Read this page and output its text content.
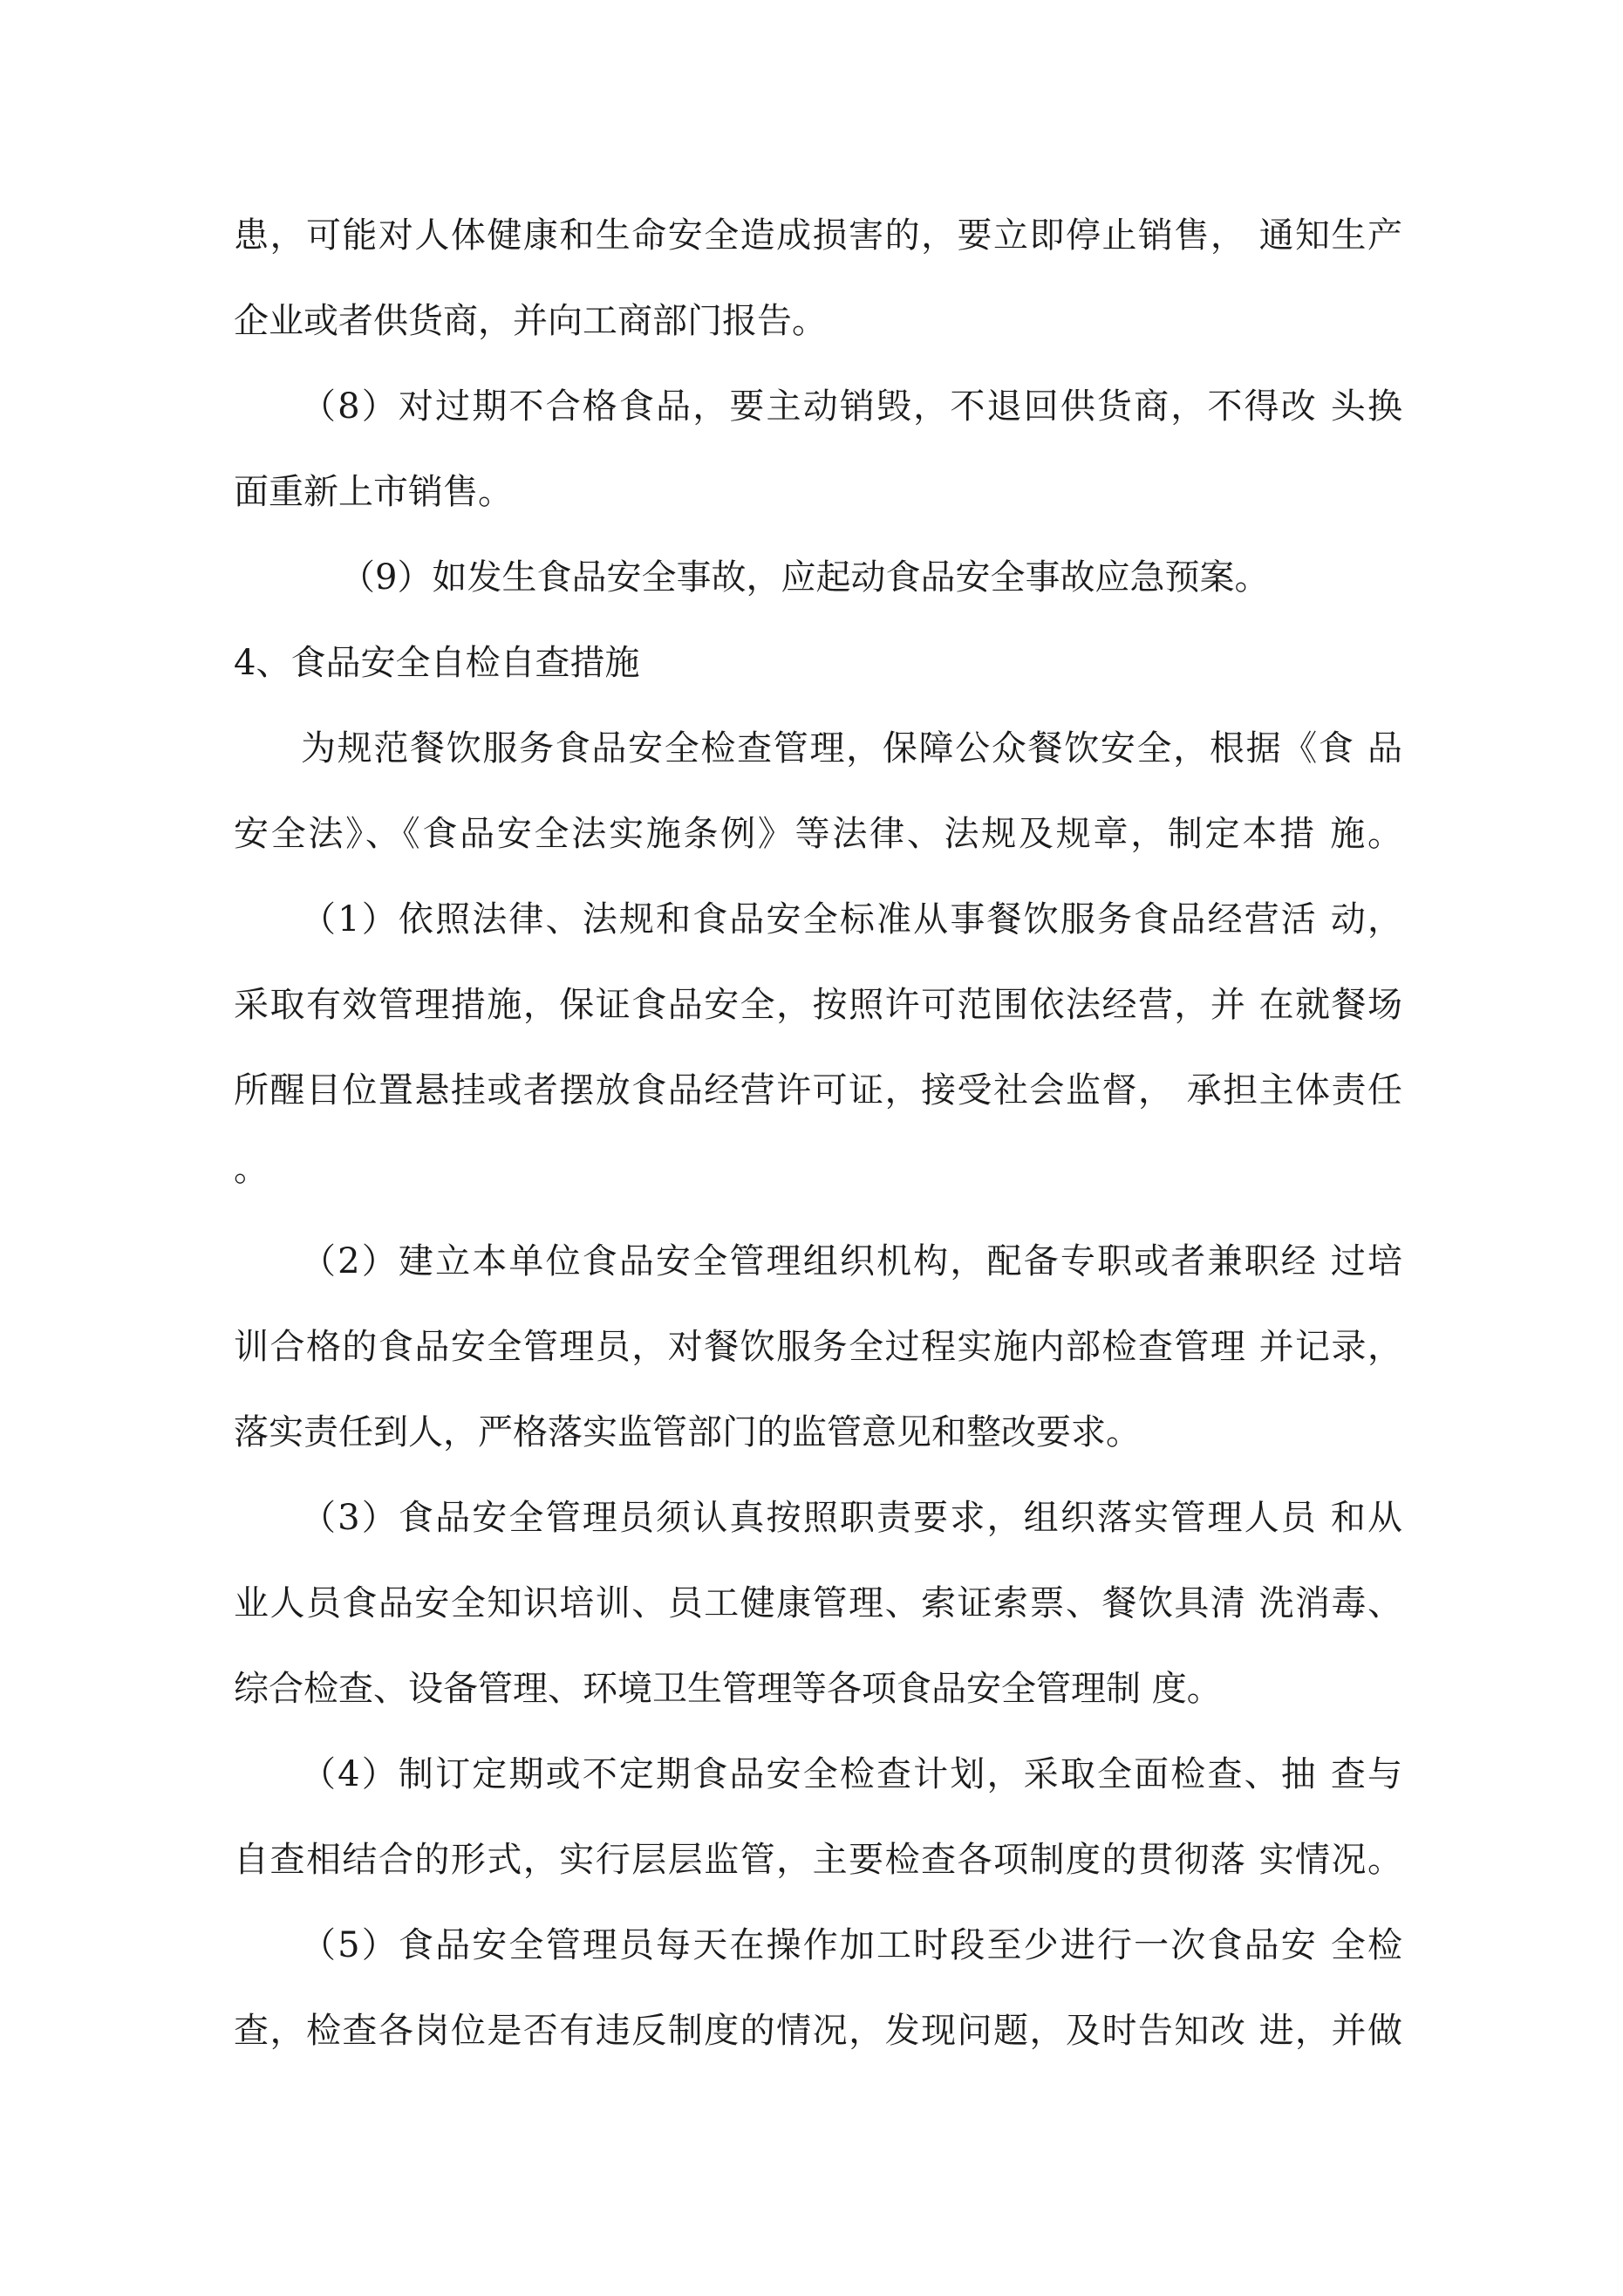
患，可能对人体健康和生命安全造成损害的，要立即停止销售， 通知生产
企业或者供货商，并向工商部门报告。
（8）对过期不合格食品，要主动销毁，不退回供货商，不得改 头换
面重新上市销售。
（9）如发生食品安全事故，应起动食品安全事故应急预案。
4、食品安全自检自查措施
为规范餐饮服务食品安全检查管理，保障公众餐饮安全，根据《食 品
安全法》、《食品安全法实施条例》等法律、法规及规章，制定本措 施。
（1）依照法律、法规和食品安全标准从事餐饮服务食品经营活 动，
采取有效管理措施，保证食品安全，按照许可范围依法经营，并 在就餐场
所醒目位置悬挂或者摆放食品经营许可证，接受社会监督， 承担主体责任
。
（2）建立本单位食品安全管理组织机构，配备专职或者兼职经 过培
训合格的食品安全管理员，对餐饮服务全过程实施内部检查管理 并记录，
落实责任到人，严格落实监管部门的监管意见和整改要求。
（3）食品安全管理员须认真按照职责要求，组织落实管理人员 和从
业人员食品安全知识培训、员工健康管理、索证索票、餐饮具清 洗消毒、
综合检查、设备管理、环境卫生管理等各项食品安全管理制 度。
（4）制订定期或不定期食品安全检查计划，采取全面检查、抽 查与
自查相结合的形式，实行层层监管，主要检查各项制度的贯彻落 实情况。
（5）食品安全管理员每天在操作加工时段至少进行一次食品安 全检
查，检查各岗位是否有违反制度的情况，发现问题，及时告知改 进，并做
